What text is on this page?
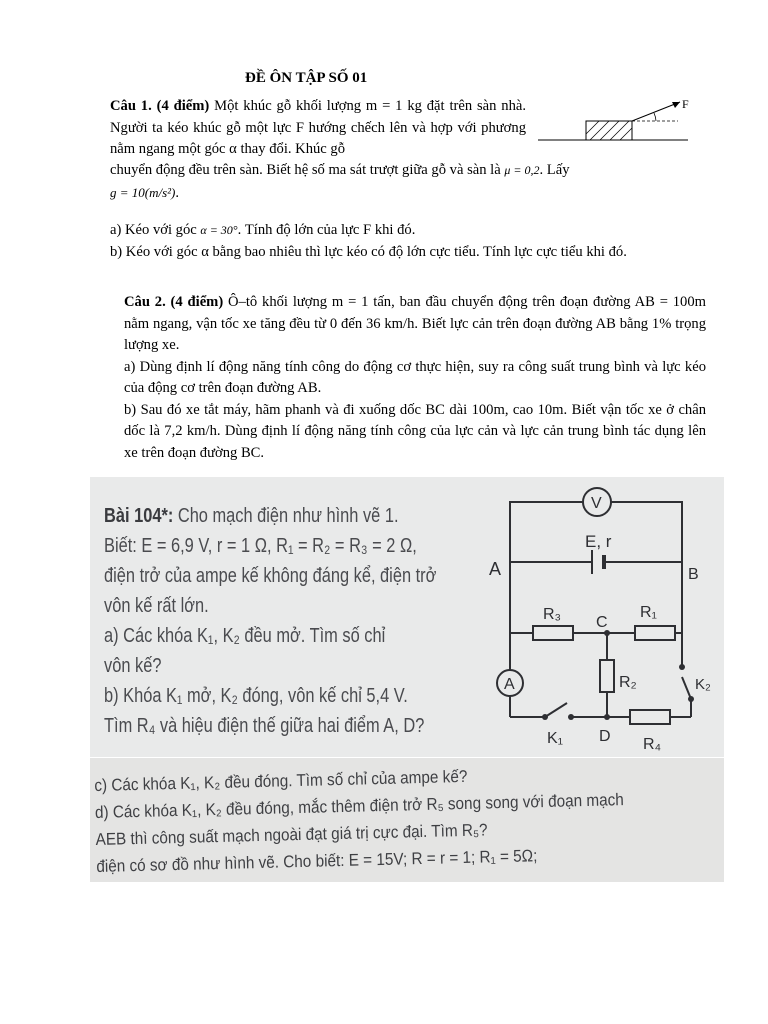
ĐỀ ÔN TẬP SỐ 01
Câu 1. (4 điểm) Một khúc gỗ khối lượng m = 1 kg đặt trên sàn nhà. Người ta kéo khúc gỗ một lực F hướng chếch lên và hợp với phương nằm ngang một góc α thay đổi. Khúc gỗ
F
chuyển động đều trên sàn. Biết hệ số ma sát trượt giữa gỗ và sàn là μ = 0,2. Lấy
g = 10(m/s²).
a) Kéo với góc α = 30°. Tính độ lớn của lực F khi đó.
b) Kéo với góc α bằng bao nhiêu thì lực kéo có độ lớn cực tiểu. Tính lực cực tiểu khi đó.
Câu 2. (4 điểm) Ô–tô khối lượng m = 1 tấn, ban đầu chuyển động trên đoạn đường AB = 100m nằm ngang, vận tốc xe tăng đều từ 0 đến 36 km/h. Biết lực cản trên đoạn đường AB bằng 1% trọng lượng xe.
a) Dùng định lí động năng tính công do động cơ thực hiện, suy ra công suất trung bình và lực kéo của động cơ trên đoạn đường AB.
b) Sau đó xe tắt máy, hãm phanh và đi xuống dốc BC dài 100m, cao 10m. Biết vận tốc xe ở chân dốc là 7,2 km/h. Dùng định lí động năng tính công của lực cản và lực cản trung bình tác dụng lên xe trên đoạn đường BC.
Bài 104*: Cho mạch điện như hình vẽ 1.
Biết: E = 6,9 V, r = 1 Ω, R₁ = R₂ = R₃ = 2 Ω,
điện trở của ampe kế không đáng kể, điện trở
vôn kế rất lớn.
a) Các khóa K₁, K₂ đều mở. Tìm số chỉ
vôn kế?
b) Khóa K₁ mở, K₂ đóng, vôn kế chỉ 5,4 V.
Tìm R₄ và hiệu điện thế giữa hai điểm A, D?
V
E, r
A	B
R₃	R₁
C
A	R₂	K₂
K₁ D R₄
c) Các khóa K₁, K₂ đều đóng. Tìm số chỉ của ampe kế?
d) Các khóa K₁, K₂ đều đóng, mắc thêm điện trở R₅ song song với đoạn mạch
AEB thì công suất mạch ngoài đạt giá trị cực đại. Tìm R₅?
điện có sơ đồ như hình vẽ. Cho biết: E = 15V; R = r = 1; R₁ = 5Ω;
